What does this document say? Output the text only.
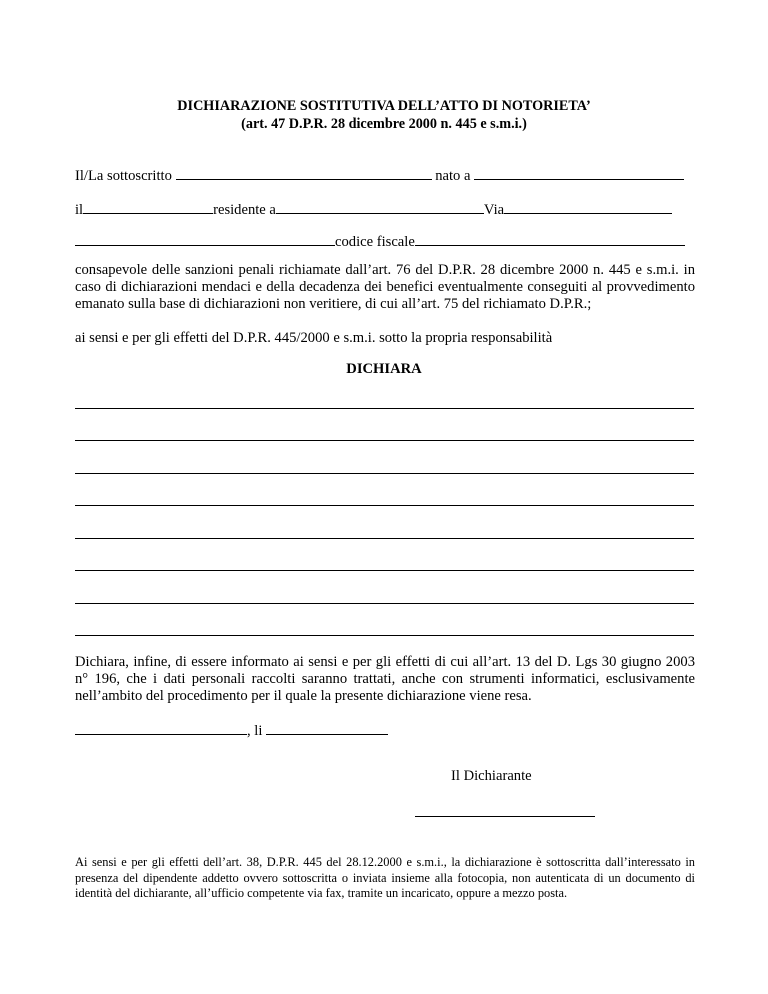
DICHIARAZIONE SOSTITUTIVA DELL’ATTO DI NOTORIETA’
(art. 47 D.P.R. 28 dicembre 2000 n. 445 e s.m.i.)
Il/La sottoscritto	nato a
il	residente a	Via
codice fiscale
consapevole delle sanzioni penali richiamate dall’art. 76 del D.P.R. 28 dicembre 2000 n. 445 e s.m.i. in caso di dichiarazioni mendaci e della decadenza dei benefici eventualmente conseguiti al provvedimento emanato sulla base di dichiarazioni non veritiere, di cui all’art. 75 del richiamato D.P.R.;
ai sensi e per gli effetti del D.P.R. 445/2000 e s.m.i. sotto la propria responsabilità
DICHIARA
Dichiara, infine, di essere informato ai sensi e per gli effetti di cui all’art. 13 del D. Lgs 30 giugno 2003 n° 196, che i dati personali raccolti saranno trattati, anche con strumenti informatici, esclusivamente nell’ambito del procedimento per il quale la presente dichiarazione viene resa.
, li
Il Dichiarante
Ai sensi e per gli effetti dell’art. 38, D.P.R. 445 del 28.12.2000 e s.m.i., la dichiarazione è sottoscritta dall’interessato in presenza del dipendente addetto ovvero sottoscritta o inviata insieme alla fotocopia, non autenticata di un documento di identità del dichiarante, all’ufficio competente via fax, tramite un incaricato, oppure a mezzo posta.
